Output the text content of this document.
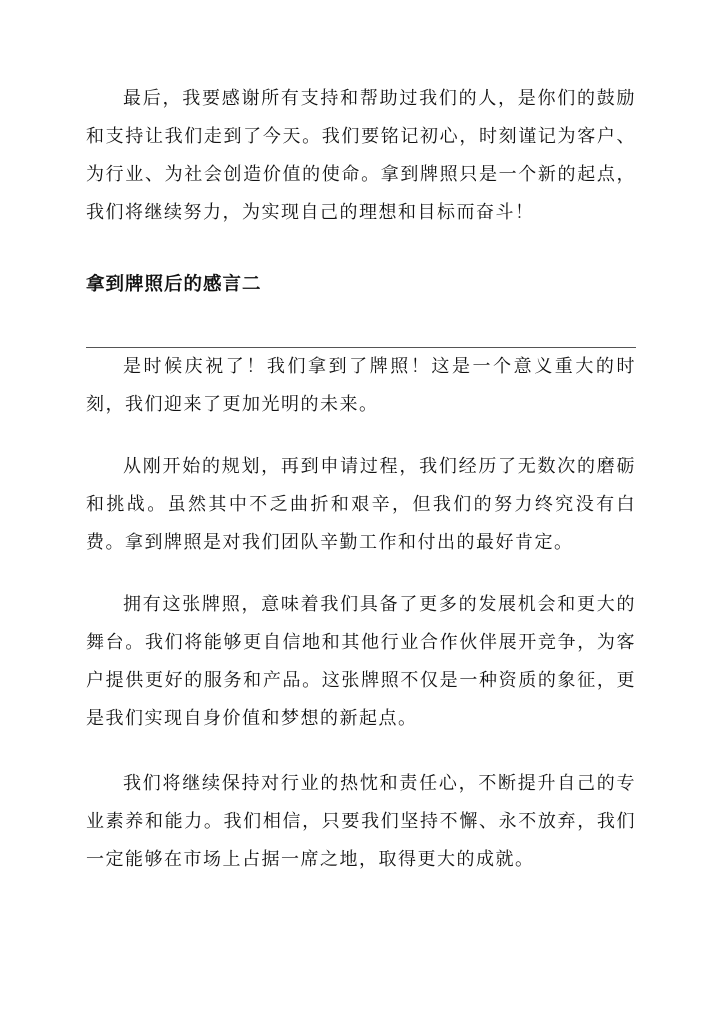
最后，我要感谢所有支持和帮助过我们的人，是你们的鼓励和支持让我们走到了今天。我们要铭记初心，时刻谨记为客户、为行业、为社会创造价值的使命。拿到牌照只是一个新的起点，我们将继续努力，为实现自己的理想和目标而奋斗！

拿到牌照后的感言二

是时候庆祝了！我们拿到了牌照！这是一个意义重大的时刻，我们迎来了更加光明的未来。

从刚开始的规划，再到申请过程，我们经历了无数次的磨砺和挑战。虽然其中不乏曲折和艰辛，但我们的努力终究没有白费。拿到牌照是对我们团队辛勤工作和付出的最好肯定。

拥有这张牌照，意味着我们具备了更多的发展机会和更大的舞台。我们将能够更自信地和其他行业合作伙伴展开竞争，为客户提供更好的服务和产品。这张牌照不仅是一种资质的象征，更是我们实现自身价值和梦想的新起点。

我们将继续保持对行业的热忱和责任心，不断提升自己的专业素养和能力。我们相信，只要我们坚持不懈、永不放弃，我们一定能够在市场上占据一席之地，取得更大的成就。
